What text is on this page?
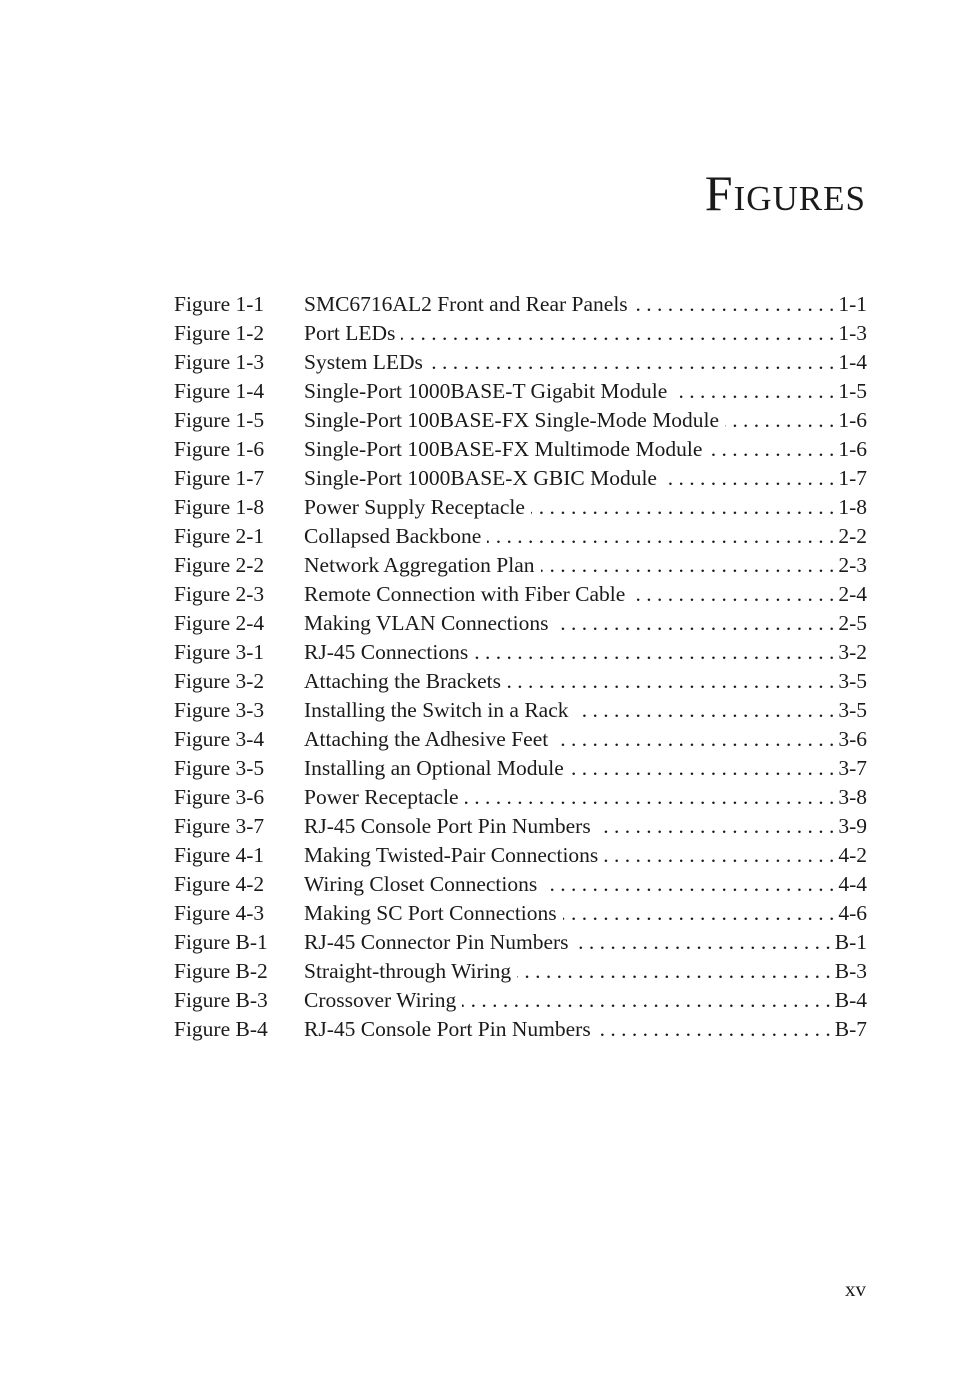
Figures
Figure 1-1	SMC6716AL2 Front and Rear Panels . . .	1-1
Figure 1-2	Port LEDs . . .	1-3
Figure 1-3	System LEDs . . .	1-4
Figure 1-4	Single-Port 1000BASE-T Gigabit Module . . .	1-5
Figure 1-5	Single-Port 100BASE-FX Single-Mode Module . . .	1-6
Figure 1-6	Single-Port 100BASE-FX Multimode Module . . .	1-6
Figure 1-7	Single-Port 1000BASE-X GBIC Module . . .	1-7
Figure 1-8	Power Supply Receptacle . . .	1-8
Figure 2-1	Collapsed Backbone . . .	2-2
Figure 2-2	Network Aggregation Plan . . .	2-3
Figure 2-3	Remote Connection with Fiber Cable . . .	2-4
Figure 2-4	Making VLAN Connections . . .	2-5
Figure 3-1	RJ-45 Connections . . .	3-2
Figure 3-2	Attaching the Brackets . . .	3-5
Figure 3-3	Installing the Switch in a Rack . . .	3-5
Figure 3-4	Attaching the Adhesive Feet . . .	3-6
Figure 3-5	Installing an Optional Module . . .	3-7
Figure 3-6	Power Receptacle . . .	3-8
Figure 3-7	RJ-45 Console Port Pin Numbers . . .	3-9
Figure 4-1	Making Twisted-Pair Connections . . .	4-2
Figure 4-2	Wiring Closet Connections . . .	4-4
Figure 4-3	Making SC Port Connections . . .	4-6
Figure B-1	RJ-45 Connector Pin Numbers . . .	B-1
Figure B-2	Straight-through Wiring . . .	B-3
Figure B-3	Crossover Wiring . . .	B-4
Figure B-4	RJ-45 Console Port Pin Numbers . . .	B-7
xv
